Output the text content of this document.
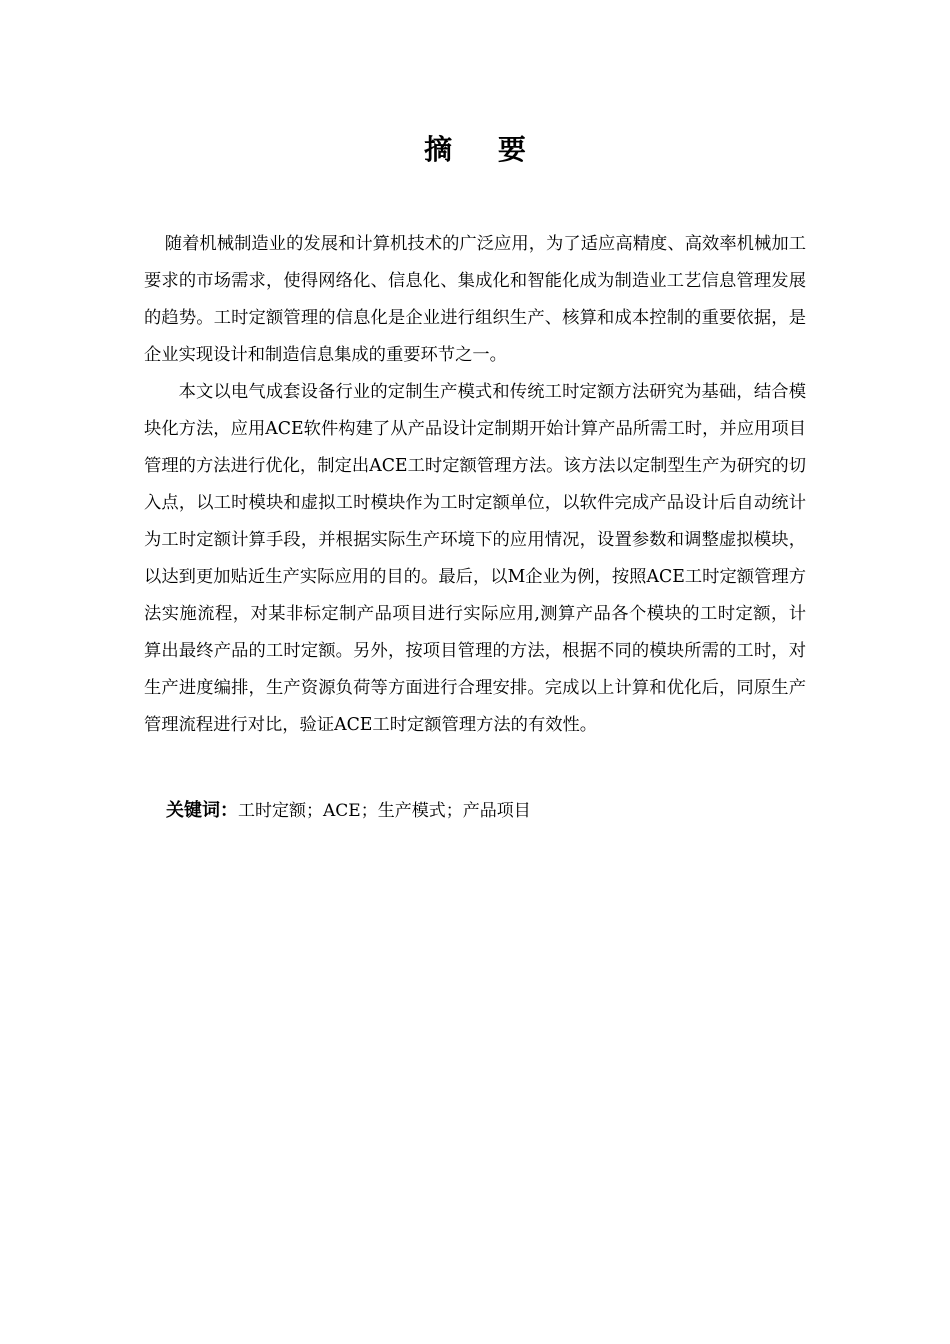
摘 要

随着机械制造业的发展和计算机技术的广泛应用，为了适应高精度、高效率机械加工要求的市场需求，使得网络化、信息化、集成化和智能化成为制造业工艺信息管理发展的趋势。工时定额管理的信息化是企业进行组织生产、核算和成本控制的重要依据，是企业实现设计和制造信息集成的重要环节之一。

本文以电气成套设备行业的定制生产模式和传统工时定额方法研究为基础，结合模块化方法，应用ACE软件构建了从产品设计定制期开始计算产品所需工时，并应用项目管理的方法进行优化，制定出ACE工时定额管理方法。该方法以定制型生产为研究的切入点，以工时模块和虚拟工时模块作为工时定额单位，以软件完成产品设计后自动统计为工时定额计算手段，并根据实际生产环境下的应用情况，设置参数和调整虚拟模块，以达到更加贴近生产实际应用的目的。最后，以M企业为例，按照ACE工时定额管理方法实施流程，对某非标定制产品项目进行实际应用,测算产品各个模块的工时定额，计算出最终产品的工时定额。另外，按项目管理的方法，根据不同的模块所需的工时，对生产进度编排，生产资源负荷等方面进行合理安排。完成以上计算和优化后，同原生产管理流程进行对比，验证ACE工时定额管理方法的有效性。

关键词：工时定额；ACE；生产模式；产品项目
